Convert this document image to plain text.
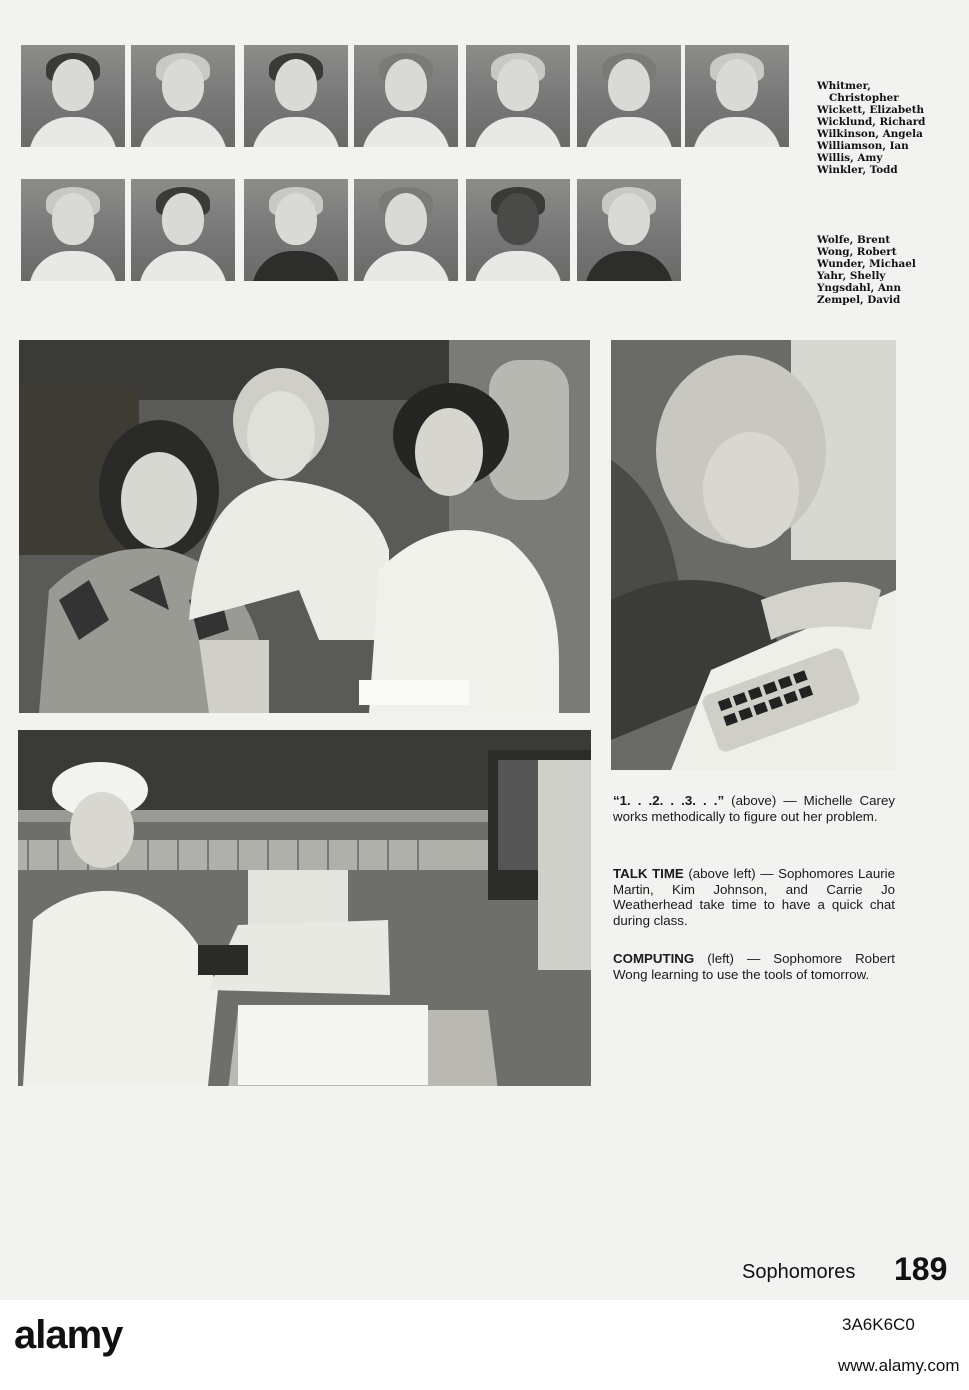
Whitmer,
Christopher
Wickett, Elizabeth
Wicklund, Richard
Wilkinson, Angela
Williamson, Ian
Willis, Amy
Winkler, Todd
Wolfe, Brent
Wong, Robert
Wunder, Michael
Yahr, Shelly
Yngsdahl, Ann
Zempel, David
“1. . .2. . .3. . .” (above) — Michelle Carey works methodically to figure out her problem.
TALK TIME (above left) — Sophomores Laurie Martin, Kim Johnson, and Carrie Jo Weatherhead take time to have a quick chat during class.
COMPUTING (left) — Sophomore Robert Wong learning to use the tools of tomorrow.
Sophomores 189
alamy	3A6K6C0
www.alamy.com
